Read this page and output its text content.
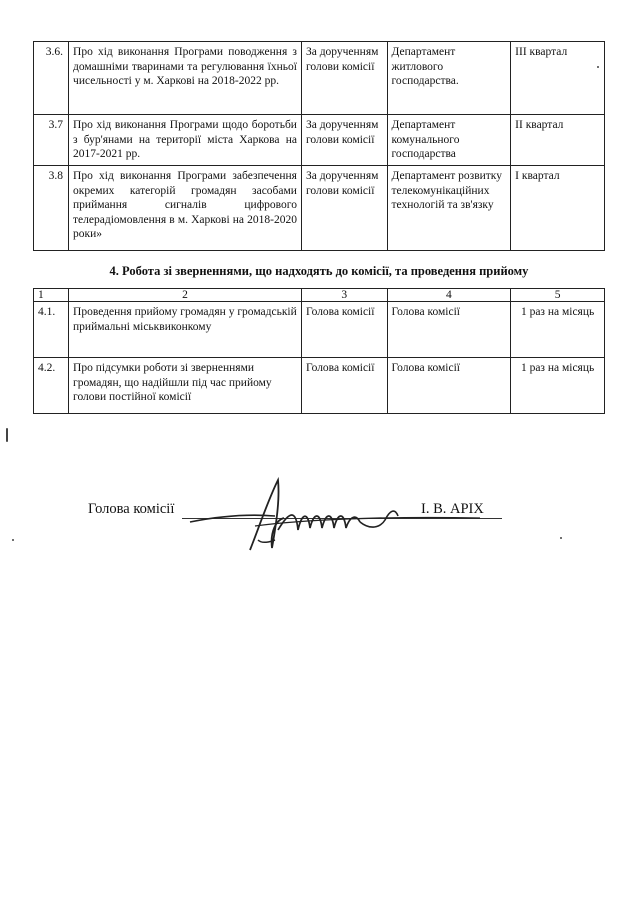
3.6.	Про хід виконання Програми поводження з домашніми тваринами та регулювання їхньої чисельності у м. Харкові на 2018-2022 рр.	За дорученням голови комісії	Департамент житлового господарства.	ІІІ квартал
3.7	Про хід виконання Програми щодо боротьби з бур'янами на території міста Харкова на 2017-2021 рр.	За дорученням голови комісії	Департамент комунального господарства	ІІ квартал
3.8	Про хід виконання Програми забезпечення окремих категорій громадян засобами приймання сигналів цифрового телерадіомовлення в м. Харкові на 2018-2020 роки»	За дорученням голови комісії	Департамент розвитку телекомунікаційних технологій та зв'язку	І квартал
4. Робота зі зверненнями, що надходять до комісії, та проведення прийому
1	2	3	4	5
4.1.	Проведення прийому громадян у громадській приймальні міськвиконкому	Голова комісії	Голова комісії	1 раз на місяць
4.2.	Про підсумки роботи зі зверненнями громадян, що надійшли під час прийому голови постійної комісії	Голова комісії	Голова комісії	1 раз на місяць
Голова комісії	І. В. АРІХ
